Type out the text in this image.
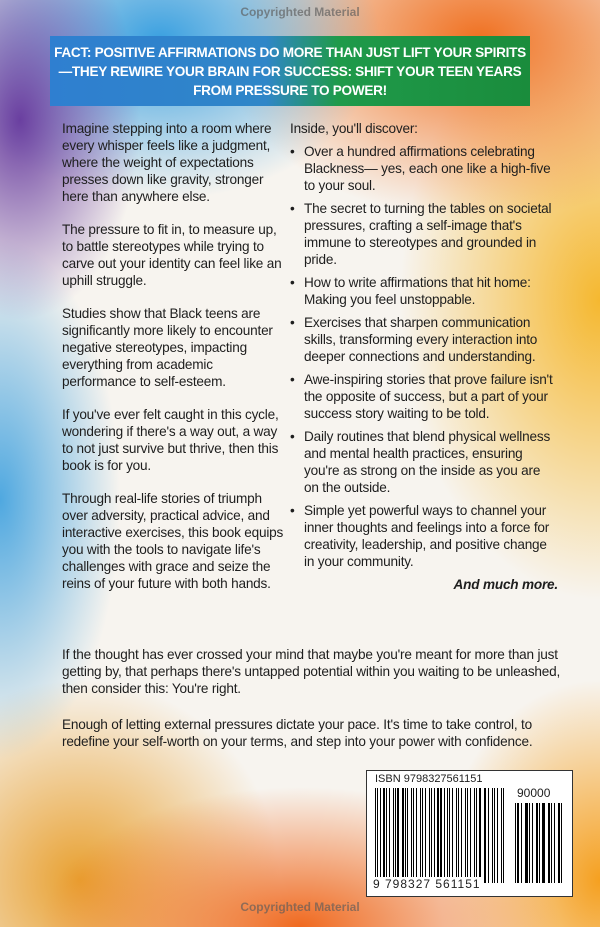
Copyrighted Material
FACT: POSITIVE AFFIRMATIONS DO MORE THAN JUST LIFT YOUR SPIRITS—THEY REWIRE YOUR BRAIN FOR SUCCESS: SHIFT YOUR TEEN YEARS FROM PRESSURE TO POWER!

Imagine stepping into a room where every whisper feels like a judgment, where the weight of expectations presses down like gravity, stronger here than anywhere else.

The pressure to fit in, to measure up, to battle stereotypes while trying to carve out your identity can feel like an uphill struggle.

Studies show that Black teens are significantly more likely to encounter negative stereotypes, impacting everything from academic performance to self-esteem.

If you've ever felt caught in this cycle, wondering if there's a way out, a way to not just survive but thrive, then this book is for you.

Through real-life stories of triumph over adversity, practical advice, and interactive exercises, this book equips you with the tools to navigate life's challenges with grace and seize the reins of your future with both hands.

Inside, you'll discover:
• Over a hundred affirmations celebrating Blackness— yes, each one like a high-five to your soul.
• The secret to turning the tables on societal pressures, crafting a self-image that's immune to stereotypes and grounded in pride.
• How to write affirmations that hit home: Making you feel unstoppable.
• Exercises that sharpen communication skills, transforming every interaction into deeper connections and understanding.
• Awe-inspiring stories that prove failure isn't the opposite of success, but a part of your success story waiting to be told.
• Daily routines that blend physical wellness and mental health practices, ensuring you're as strong on the inside as you are on the outside.
• Simple yet powerful ways to channel your inner thoughts and feelings into a force for creativity, leadership, and positive change in your community.
And much more.
If the thought has ever crossed your mind that maybe you're meant for more than just getting by, that perhaps there's untapped potential within you waiting to be unleashed, then consider this: You're right.
Enough of letting external pressures dictate your pace. It's time to take control, to redefine your self-worth on your terms, and step into your power with confidence.
ISBN 9798327561151
90000
9 798327 561151
Copyrighted Material
